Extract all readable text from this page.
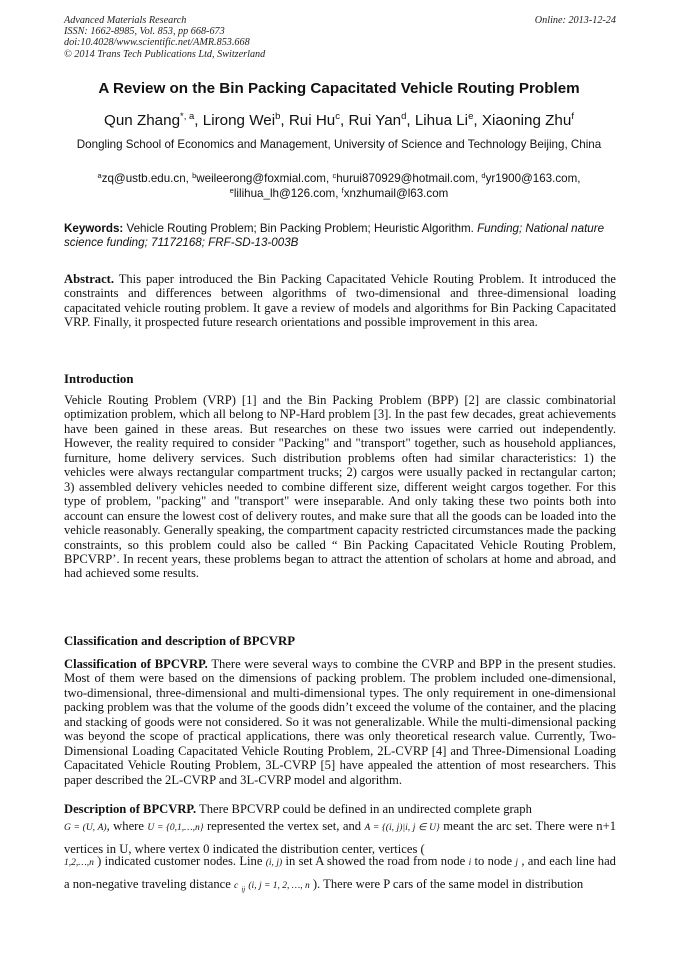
Advanced Materials Research
ISSN: 1662-8985, Vol. 853, pp 668-673
doi:10.4028/www.scientific.net/AMR.853.668
© 2014 Trans Tech Publications Ltd, Switzerland
Online: 2013-12-24
A Review on the Bin Packing Capacitated Vehicle Routing Problem
Qun Zhang$^{*, a}$, Lirong Wei$^b$, Rui Hu$^c$, Rui Yan$^d$, Lihua Li$^e$, Xiaoning Zhu$^f$
Dongling School of Economics and Management, University of Science and Technology Beijing, China
$^a$zq@ustb.edu.cn, $^b$weileerong@foxmial.com, $^c$hurui870929@hotmail.com, $^d$yr1900@163.com,
$^e$lilihua_lh@126.com, $^f$xnzhumail@l63.com
Keywords: Vehicle Routing Problem; Bin Packing Problem; Heuristic Algorithm. Funding; National nature science funding; 71172168; FRF-SD-13-003B
Abstract. This paper introduced the Bin Packing Capacitated Vehicle Routing Problem. It introduced the constraints and differences between algorithms of two-dimensional and three-dimensional loading capacitated vehicle routing problem. It gave a review of models and algorithms for Bin Packing Capacitated VRP. Finally, it prospected future research orientations and possible improvement in this area.
Introduction
Vehicle Routing Problem (VRP) [1] and the Bin Packing Problem (BPP) [2] are classic combinatorial optimization problem, which all belong to NP-Hard problem [3]. In the past few decades, great achievements have been gained in these areas. But researches on these two issues were carried out independently. However, the reality required to consider "Packing" and "transport" together, such as household appliances, furniture, home delivery services. Such distribution problems often had similar characteristics: 1) the vehicles were always rectangular compartment trucks; 2) cargos were usually packed in rectangular carton; 3) assembled delivery vehicles needed to combine different size, different weight cargos together. For this type of problem, "packing" and "transport" were inseparable. And only taking these two points both into account can ensure the lowest cost of delivery routes, and make sure that all the goods can be loaded into the vehicle reasonably. Generally speaking, the compartment capacity restricted circumstances made the packing constraints, so this problem could also be called “ Bin Packing Capacitated Vehicle Routing Problem, BPCVRP’. In recent years, these problems began to attract the attention of scholars at home and abroad, and had achieved some results.
Classification and description of BPCVRP
Classification of BPCVRP. There were several ways to combine the CVRP and BPP in the present studies. Most of them were based on the dimensions of packing problem. The problem included one-dimensional, two-dimensional, three-dimensional and multi-dimensional types. The only requirement in one-dimensional packing problem was that the volume of the goods didn’t exceed the volume of the container, and the placing and stacking of goods were not considered. So it was not generalizable. While the multi-dimensional packing was beyond the scope of practical applications, there was only theoretical research value. Currently, Two-Dimensional Loading Capacitated Vehicle Routing Problem, 2L-CVRP [4] and Three-Dimensional Loading Capacitated Vehicle Routing Problem, 3L-CVRP [5] have appealed the attention of most researchers. This paper described the 2L-CVRP and 3L-CVRP model and algorithm.
Description of BPCVRP. There BPCVRP could be defined in an undirected complete graph
G = (U, A), where U = {0,1,…,n} represented the vertex set, and A = {(i, j)|i, j ∈ U} meant the arc set. There were n+1 vertices in U, where vertex 0 indicated the distribution center, vertices (
1,2,…,n ) indicated customer nodes. Line (i, j) in set A showed the road from node i to node j , and each line had a non-negative traveling distance c $_{ij}$ (i, j = 1, 2, …, n ). There were P cars of the same model in distribution
